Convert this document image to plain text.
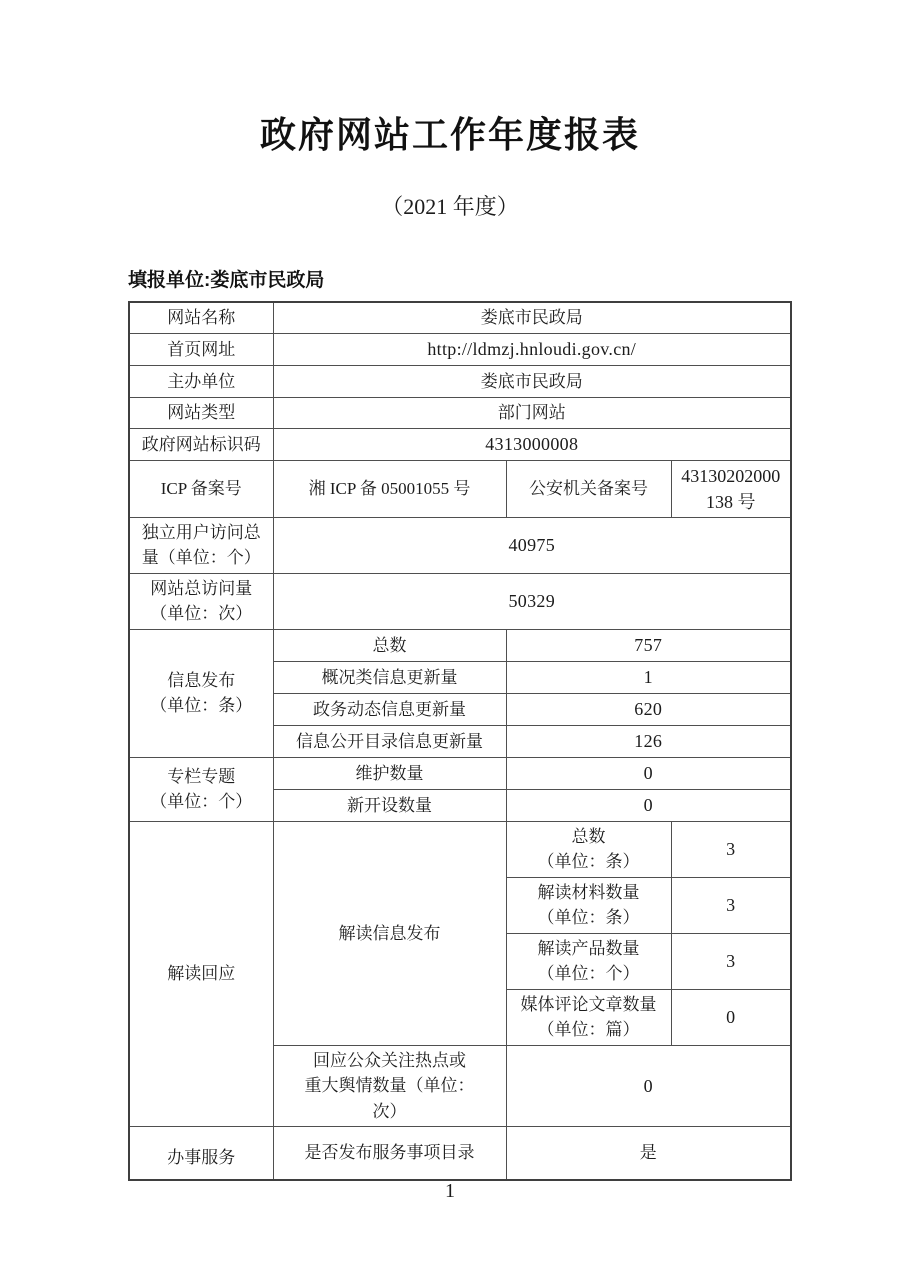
政府网站工作年度报表
（2021 年度）
填报单位:娄底市民政局
网站名称	娄底市民政局		
首页网址	http://ldmzj.hnloudi.gov.cn/		
主办单位	娄底市民政局		
网站类型	部门网站		
政府网站标识码	4313000008		
ICP 备案号	湘 ICP 备 05001055 号	公安机关备案号	43130202000
138 号
独立用户访问总
量（单位：个）	40975		
网站总访问量
（单位：次）	50329		
信息发布
（单位：条）	总数	757	
	概况类信息更新量	1	
	政务动态信息更新量	620	
	信息公开目录信息更新量	126	
专栏专题
（单位：个）	维护数量	0	
	新开设数量	0	
解读回应	解读信息发布	总数
（单位：条）	3
		解读材料数量
（单位：条）	3
		解读产品数量
（单位：个）	3
		媒体评论文章数量
（单位：篇）	0
	回应公众关注热点或
重大舆情数量（单位：
次）	0	
办事服务	是否发布服务事项目录	是	
1
